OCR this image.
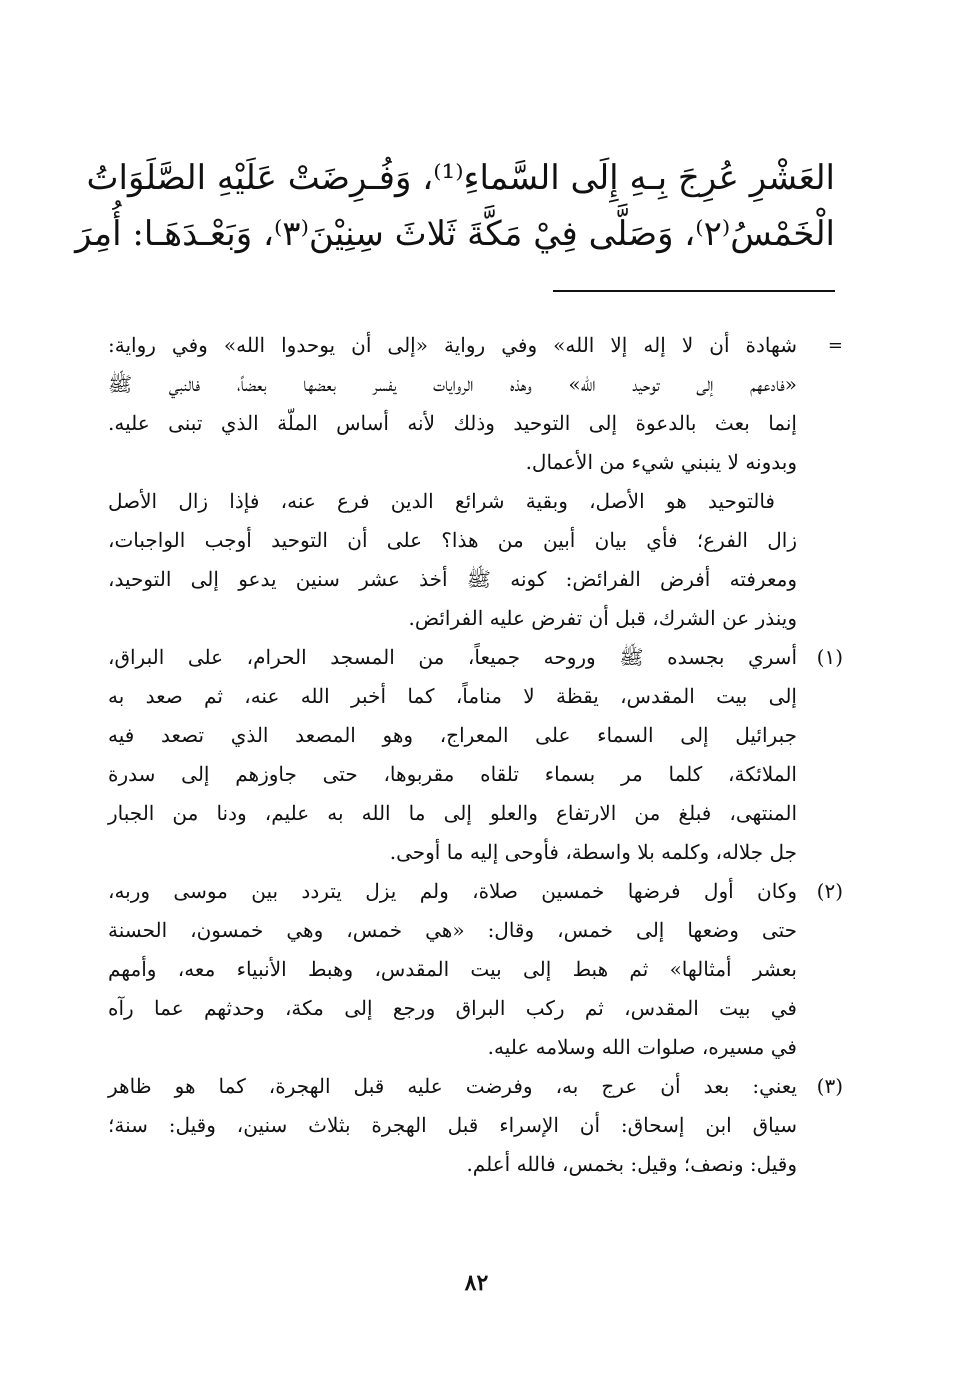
العَشْرِ عُرِجَ بِـهِ إِلَى السَّماءِ⁽¹⁾، وَفُـرِضَتْ عَلَيْهِ الصَّلَوَاتُ
الْخَمْسُ⁽٢⁾، وَصَلَّى فِيْ مَكَّةَ ثَلاثَ سِنِيْنَ⁽٣⁾، وَبَعْـدَهَـا: أُمِرَ
=
شهادة أن لا إله إلا الله» وفي رواية «إلى أن يوحدوا الله» وفي رواية:
«فادعهم إلى توحيد الله» وهذه الروايات يفسر بعضها بعضاً، فالنبي ﷺ
إنما بعث بالدعوة إلى التوحيد وذلك لأنه أساس الملّة الذي تبنى عليه.
وبدونه لا ينبني شيء من الأعمال.
فالتوحيد هو الأصل، وبقية شرائع الدين فرع عنه، فإذا زال الأصل
زال الفرع؛ فأي بيان أبين من هذا؟ على أن التوحيد أوجب الواجبات،
ومعرفته أفرض الفرائض: كونه ﷺ أخذ عشر سنين يدعو إلى التوحيد،
وينذر عن الشرك، قبل أن تفرض عليه الفرائض.
(١)
أسري بجسده ﷺ وروحه جميعاً، من المسجد الحرام، على البراق،
إلى بيت المقدس، يقظة لا مناماً، كما أخبر الله عنه، ثم صعد به
جبرائيل إلى السماء على المعراج، وهو المصعد الذي تصعد فيه
الملائكة، كلما مر بسماء تلقاه مقربوها، حتى جاوزهم إلى سدرة
المنتهى، فبلغ من الارتفاع والعلو إلى ما الله به عليم، ودنا من الجبار
جل جلاله، وكلمه بلا واسطة، فأوحى إليه ما أوحى.
(٢)
وكان أول فرضها خمسين صلاة، ولم يزل يتردد بين موسى وربه،
حتى وضعها إلى خمس، وقال: «هي خمس، وهي خمسون، الحسنة
بعشر أمثالها» ثم هبط إلى بيت المقدس، وهبط الأنبياء معه، وأمهم
في بيت المقدس، ثم ركب البراق ورجع إلى مكة، وحدثهم عما رآه
في مسيره، صلوات الله وسلامه عليه.
(٣)
يعني: بعد أن عرج به، وفرضت عليه قبل الهجرة، كما هو ظاهر
سياق ابن إسحاق: أن الإسراء قبل الهجرة بثلاث سنين، وقيل: سنة؛
وقيل: ونصف؛ وقيل: بخمس، فالله أعلم.
٨٢
